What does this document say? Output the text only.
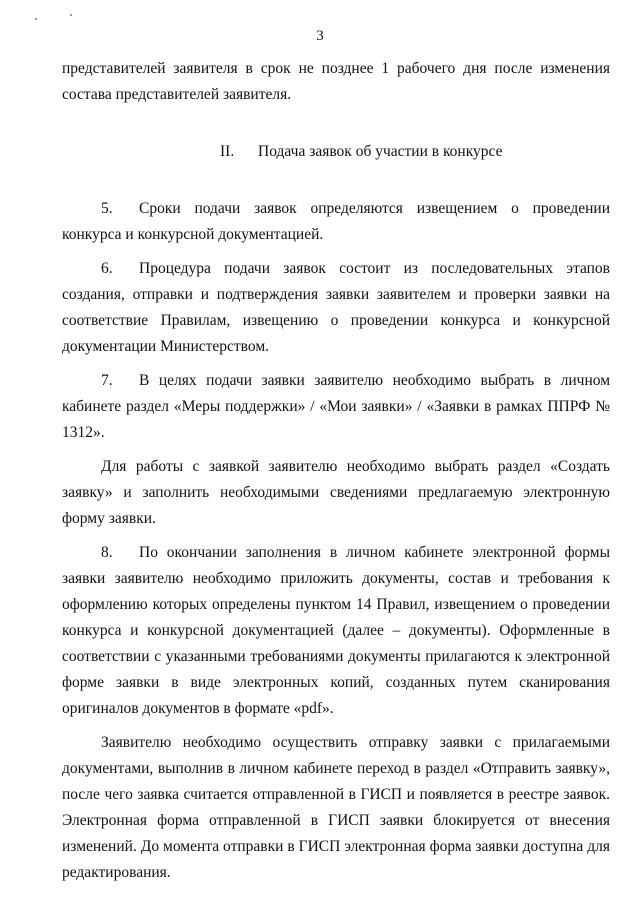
3

представителей заявителя в срок не позднее 1 рабочего дня после изменения состава представителей заявителя.

II. Подача заявок об участии в конкурсе

5. Сроки подачи заявок определяются извещением о проведении конкурса и конкурсной документацией.

6. Процедура подачи заявок состоит из последовательных этапов создания, отправки и подтверждения заявки заявителем и проверки заявки на соответствие Правилам, извещению о проведении конкурса и конкурсной документации Министерством.

7. В целях подачи заявки заявителю необходимо выбрать в личном кабинете раздел «Меры поддержки» / «Мои заявки» / «Заявки в рамках ППРФ № 1312».

Для работы с заявкой заявителю необходимо выбрать раздел «Создать заявку» и заполнить необходимыми сведениями предлагаемую электронную форму заявки.

8. По окончании заполнения в личном кабинете электронной формы заявки заявителю необходимо приложить документы, состав и требования к оформлению которых определены пунктом 14 Правил, извещением о проведении конкурса и конкурсной документацией (далее – документы). Оформленные в соответствии с указанными требованиями документы прилагаются к электронной форме заявки в виде электронных копий, созданных путем сканирования оригиналов документов в формате «pdf».

Заявителю необходимо осуществить отправку заявки с прилагаемыми документами, выполнив в личном кабинете переход в раздел «Отправить заявку», после чего заявка считается отправленной в ГИСП и появляется в реестре заявок. Электронная форма отправленной в ГИСП заявки блокируется от внесения изменений. До момента отправки в ГИСП электронная форма заявки доступна для редактирования.
